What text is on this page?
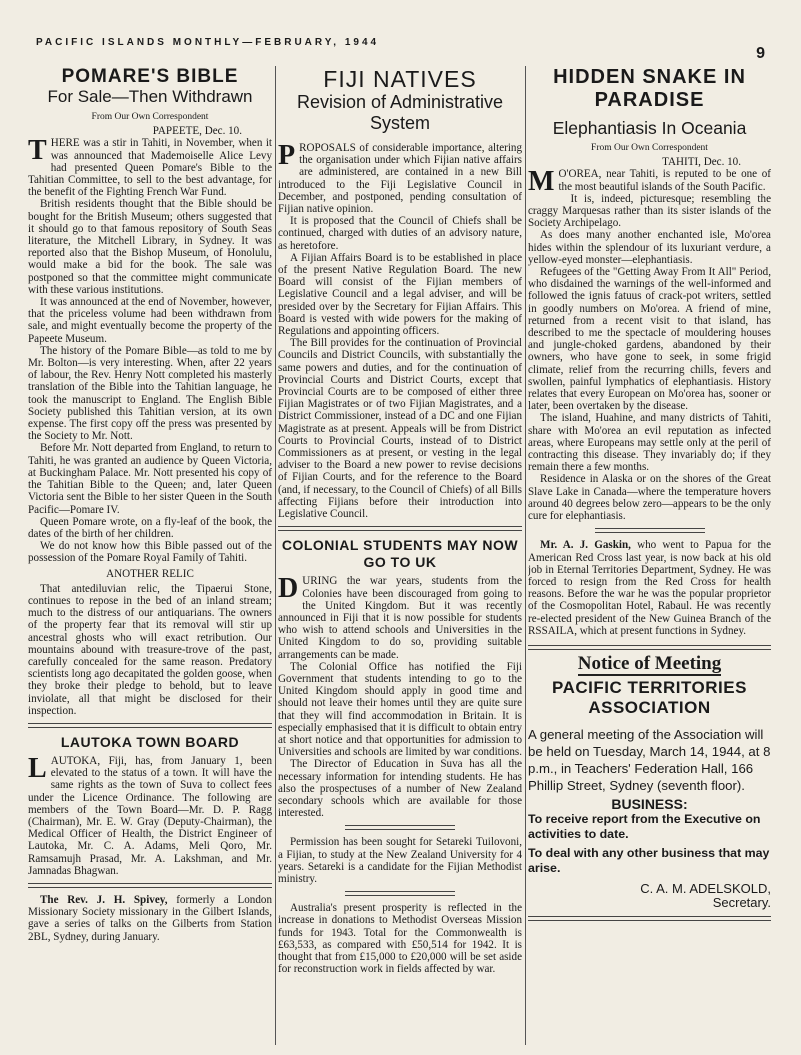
PACIFIC ISLANDS MONTHLY—FEBRUARY, 1944
9
POMARE'S BIBLE
For Sale—Then Withdrawn
From Our Own Correspondent
PAPEETE, Dec. 10.

THERE was a stir in Tahiti, in November, when it was announced that Mademoiselle Alice Levy had presented Queen Pomare's Bible to the Tahitian Committee, to sell to the best advantage, for the benefit of the Fighting French War Fund.

British residents thought that the Bible should be bought for the British Museum; others suggested that it should go to that famous repository of South Seas literature, the Mitchell Library, in Sydney. It was reported also that the Bishop Museum, of Honolulu, would make a bid for the book. The sale was postponed so that the committee might communicate with these various institutions.

It was announced at the end of November, however, that the priceless volume had been withdrawn from sale, and might eventually become the property of the Papeete Museum.

The history of the Pomare Bible—as told to me by Mr. Bolton—is very interesting. When, after 22 years of labour, the Rev. Henry Nott completed his masterly translation of the Bible into the Tahitian language, he took the manuscript to England. The English Bible Society published this Tahitian version, at its own expense. The first copy off the press was presented by the Society to Mr. Nott.

Before Mr. Nott departed from England, to return to Tahiti, he was granted an audience by Queen Victoria, at Buckingham Palace. Mr. Nott presented his copy of the Tahitian Bible to the Queen; and, later Queen Victoria sent the Bible to her sister Queen in the South Pacific—Pomare IV.

Queen Pomare wrote, on a fly-leaf of the book, the dates of the birth of her children.

We do not know how this Bible passed out of the possession of the Pomare Royal Family of Tahiti.

ANOTHER RELIC

That antediluvian relic, the Tipaerui Stone, continues to repose in the bed of an inland stream; much to the distress of our antiquarians. The owners of the property fear that its removal will stir up ancestral ghosts who will exact retribution. Our mountains abound with treasure-trove of the past, carefully concealed for the same reason. Predatory scientists long ago decapitated the golden goose, when they broke their pledge to behold, but to leave inviolate, all that might be disclosed for their inspection.

LAUTOKA TOWN BOARD

LAUTOKA, Fiji, has, from January 1, been elevated to the status of a town. It will have the same rights as the town of Suva to collect fees under the Licence Ordinance. The following are members of the Town Board—Mr. D. P. Ragg (Chairman), Mr. E. W. Gray (Deputy-Chairman), the Medical Officer of Health, the District Engineer of Lautoka, Mr. C. A. Adams, Meli Qoro, Mr. Ramsamujh Prasad, Mr. A. Lakshman, and Mr. Jamnadas Bhagwan.

The Rev. J. H. Spivey, formerly a London Missionary Society missionary in the Gilbert Islands, gave a series of talks on the Gilberts from Station 2BL, Sydney, during January.

FIJI NATIVES
Revision of Administrative System

PROPOSALS of considerable importance, altering the organisation under which Fijian native affairs are administered, are contained in a new Bill introduced to the Fiji Legislative Council in December, and postponed, pending consultation of Fijian native opinion.

It is proposed that the Council of Chiefs shall be continued, charged with duties of an advisory nature, as heretofore.

A Fijian Affairs Board is to be established in place of the present Native Regulation Board. The new Board will consist of the Fijian members of Legislative Council and a legal adviser, and will be presided over by the Secretary for Fijian Affairs. This Board is vested with wide powers for the making of Regulations and appointing officers.

The Bill provides for the continuation of Provincial Councils and District Councils, with substantially the same powers and duties, and for the continuation of Provincial Courts and District Courts, except that Provincial Courts are to be composed of either three Fijian Magistrates or of two Fijian Magistrates, and a District Commissioner, instead of a DC and one Fijian Magistrate as at present. Appeals will be from District Courts to Provincial Courts, instead of to District Commissioners as at present, or vesting in the legal adviser to the Board a new power to revise decisions of Fijian Courts, and for the reference to the Board (and, if necessary, to the Council of Chiefs) of all Bills affecting Fijians before their introduction into Legislative Council.

COLONIAL STUDENTS MAY NOW GO TO UK

DURING the war years, students from the Colonies have been discouraged from going to the United Kingdom. But it was recently announced in Fiji that it is now possible for students who wish to attend schools and Universities in the United Kingdom to do so, providing suitable arrangements can be made.

The Colonial Office has notified the Fiji Government that students intending to go to the United Kingdom should apply in good time and should not leave their homes until they are quite sure that they will find accommodation in Britain. It is especially emphasised that it is difficult to obtain entry at short notice and that opportunities for admission to Universities and schools are limited by war conditions.

The Director of Education in Suva has all the necessary information for intending students. He has also the prospectuses of a number of New Zealand secondary schools which are available for those interested.

Permission has been sought for Setareki Tuilovoni, a Fijian, to study at the New Zealand University for 4 years. Setareki is a candidate for the Fijian Methodist ministry.

Australia's present prosperity is reflected in the increase in donations to Methodist Overseas Mission funds for 1943. Total for the Commonwealth is £63,533, as compared with £50,514 for 1942. It is thought that from £15,000 to £20,000 will be set aside for reconstruction work in fields affected by war.

HIDDEN SNAKE IN PARADISE
Elephantiasis In Oceania
From Our Own Correspondent
TAHITI, Dec. 10.

M O'OREA, near Tahiti, is reputed to be one of the most beautiful islands of the South Pacific.

It is, indeed, picturesque; resembling the craggy Marquesas rather than its sister islands of the Society Archipelago.

As does many another enchanted isle, Mo'orea hides within the splendour of its luxuriant verdure, a yellow-eyed monster—elephantiasis.

Refugees of the "Getting Away From It All" Period, who disdained the warnings of the well-informed and followed the ignis fatuus of crack-pot writers, settled in goodly numbers on Mo'orea. A friend of mine, returned from a recent visit to that island, has described to me the spectacle of mouldering houses and jungle-choked gardens, abandoned by their owners, who have gone to seek, in some frigid climate, relief from the recurring chills, fevers and swollen, painful lymphatics of elephantiasis. History relates that every European on Mo'orea has, sooner or later, been overtaken by the disease.

The island, Huahine, and many districts of Tahiti, share with Mo'orea an evil reputation as infected areas, where Europeans may settle only at the peril of contracting this disease. They invariably do; if they remain there a few months.

Residence in Alaska or on the shores of the Great Slave Lake in Canada—where the temperature hovers around 40 degrees below zero—appears to be the only cure for elephantiasis.

Mr. A. J. Gaskin, who went to Papua for the American Red Cross last year, is now back at his old job in Eternal Territories Department, Sydney. He was forced to resign from the Red Cross for health reasons. Before the war he was the popular proprietor of the Cosmopolitan Hotel, Rabaul. He was recently re-elected president of the New Guinea Branch of the RSSAILA, which at present functions in Sydney.

Notice of Meeting
PACIFIC TERRITORIES ASSOCIATION
A general meeting of the Association will be held on Tuesday, March 14, 1944, at 8 p.m., in Teachers' Federation Hall, 166 Phillip Street, Sydney (seventh floor).
BUSINESS:
To receive report from the Executive on activities to date.
To deal with any other business that may arise.
C. A. M. ADELSKOLD,
Secretary.
